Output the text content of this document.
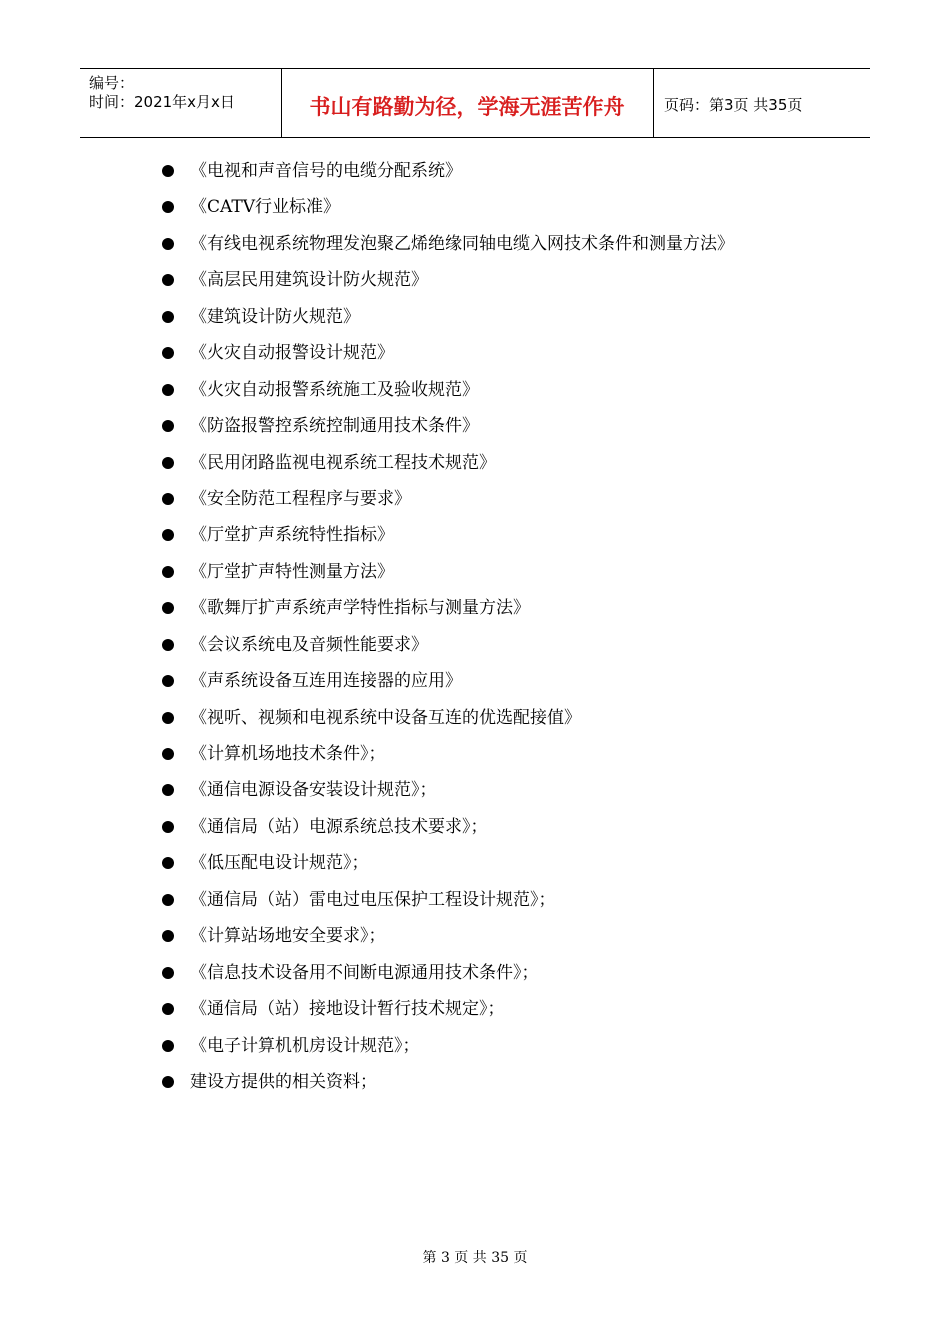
编号：
时间：2021年x月x日	书山有路勤为径，学海无涯苦作舟	页码：第3页 共35页
《电视和声音信号的电缆分配系统》
《CATV行业标准》
《有线电视系统物理发泡聚乙烯绝缘同轴电缆入网技术条件和测量方法》
《高层民用建筑设计防火规范》
《建筑设计防火规范》
《火灾自动报警设计规范》
《火灾自动报警系统施工及验收规范》
《防盗报警控系统控制通用技术条件》
《民用闭路监视电视系统工程技术规范》
《安全防范工程程序与要求》
《厅堂扩声系统特性指标》
《厅堂扩声特性测量方法》
《歌舞厅扩声系统声学特性指标与测量方法》
《会议系统电及音频性能要求》
《声系统设备互连用连接器的应用》
《视听、视频和电视系统中设备互连的优选配接值》
《计算机场地技术条件》；
《通信电源设备安装设计规范》；
《通信局（站）电源系统总技术要求》；
《低压配电设计规范》；
《通信局（站）雷电过电压保护工程设计规范》；
《计算站场地安全要求》；
《信息技术设备用不间断电源通用技术条件》；
《通信局（站）接地设计暂行技术规定》；
《电子计算机机房设计规范》；
建设方提供的相关资料；
第 3 页 共 35 页
